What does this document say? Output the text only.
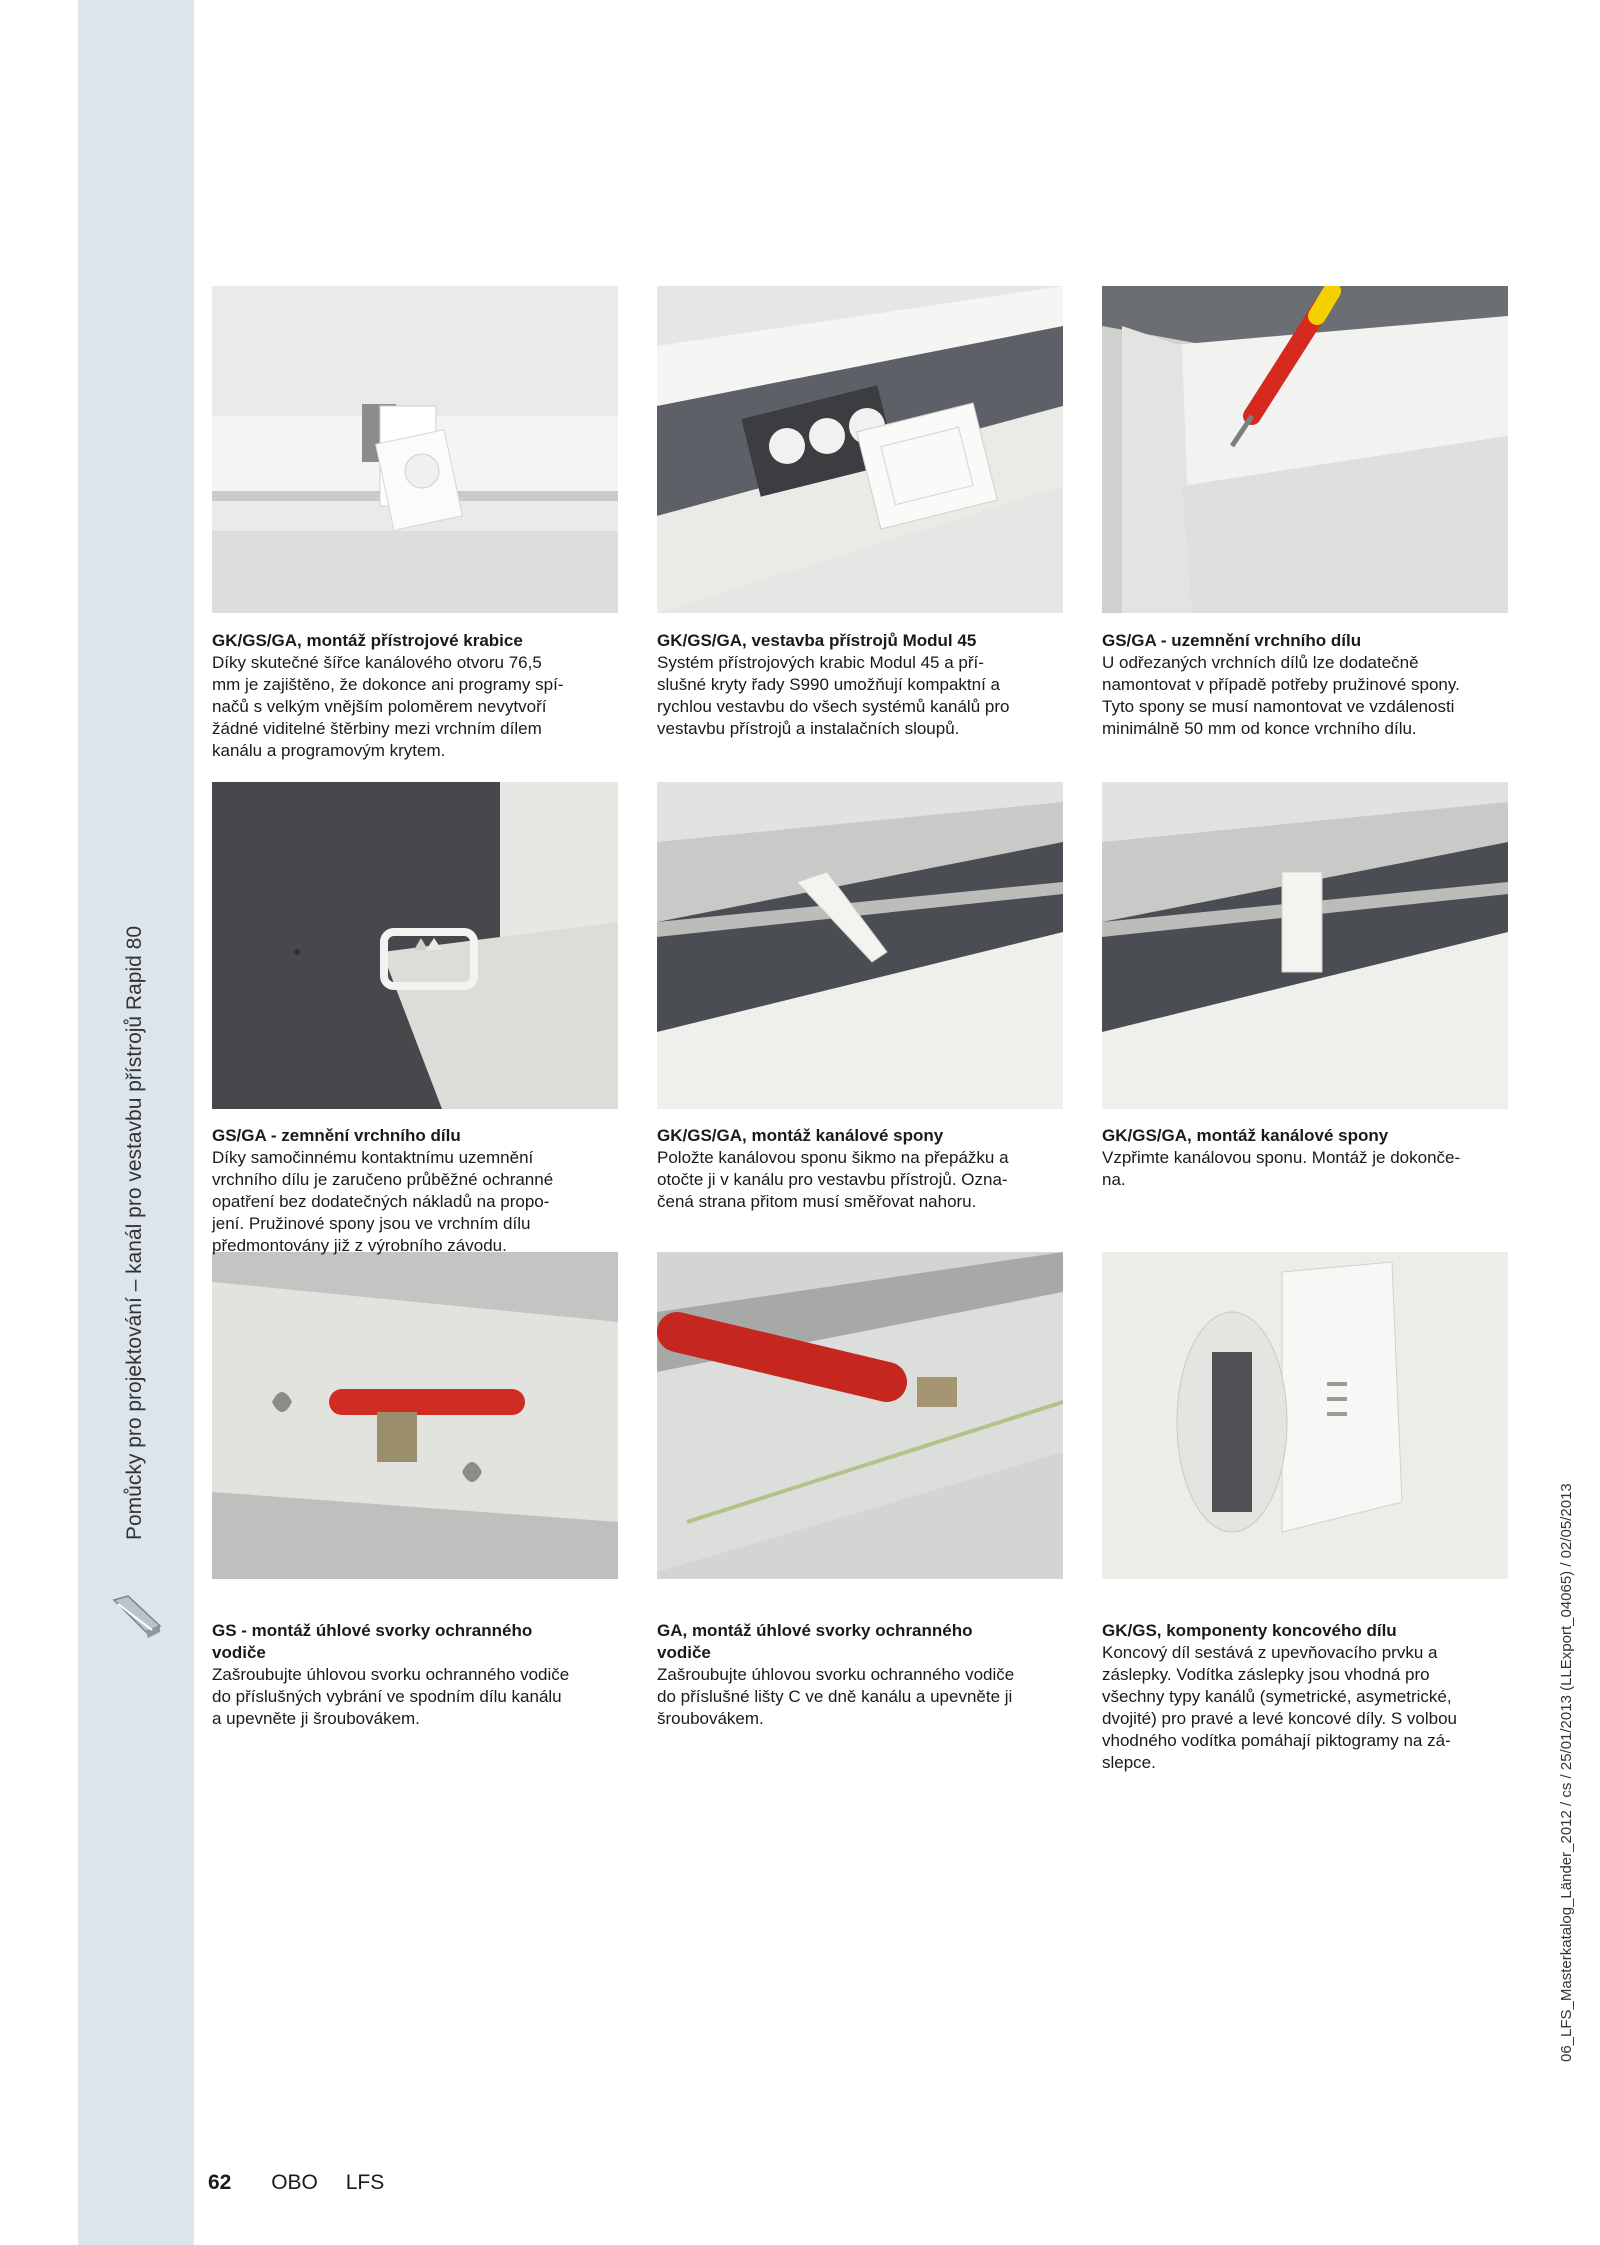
Pomůcky pro projektování – kanál pro vestavbu přístrojů Rapid 80
GK/GS/GA, montáž přístrojové krabice
Díky skutečné šířce kanálového otvoru 76,5
mm je zajištěno, že dokonce ani programy spí-
načů s velkým vnějším poloměrem nevytvoří
žádné viditelné štěrbiny mezi vrchním dílem
kanálu a programovým krytem.
GK/GS/GA, vestavba přístrojů Modul 45
Systém přístrojových krabic Modul 45 a pří-
slušné kryty řady S990 umožňují kompaktní a
rychlou vestavbu do všech systémů kanálů pro
vestavbu přístrojů a instalačních sloupů.
GS/GA - uzemnění vrchního dílu
U odřezaných vrchních dílů lze dodatečně
namontovat v případě potřeby pružinové spony.
Tyto spony se musí namontovat ve vzdálenosti
minimálně 50 mm od konce vrchního dílu.
GS/GA - zemnění vrchního dílu
Díky samočinnému kontaktnímu uzemnění
vrchního dílu je zaručeno průběžné ochranné
opatření bez dodatečných nákladů na propo-
jení. Pružinové spony jsou ve vrchním dílu
předmontovány již z výrobního závodu.
GK/GS/GA, montáž kanálové spony
Položte kanálovou sponu šikmo na přepážku a
otočte ji v kanálu pro vestavbu přístrojů. Ozna-
čená strana přitom musí směřovat nahoru.
GK/GS/GA, montáž kanálové spony
Vzpřimte kanálovou sponu. Montáž je dokonče-
na.
GS - montáž úhlové svorky ochranného
vodiče
Zašroubujte úhlovou svorku ochranného vodiče
do příslušných vybrání ve spodním dílu kanálu
a upevněte ji šroubovákem.
GA, montáž úhlové svorky ochranného
vodiče
Zašroubujte úhlovou svorku ochranného vodiče
do příslušné lišty C ve dně kanálu a upevněte ji
šroubovákem.
GK/GS, komponenty koncového dílu
Koncový díl sestává z upevňovacího prvku a
záslepky. Vodítka záslepky jsou vhodná pro
všechny typy kanálů (symetrické, asymetrické,
dvojité) pro pravé a levé koncové díly. S volbou
vhodného vodítka pomáhají piktogramy na zá-
slepce.
62 OBO LFS
06_LFS_Masterkatalog_Länder_2012 / cs / 25/01/2013 (LLExport_04065) / 02/05/2013
